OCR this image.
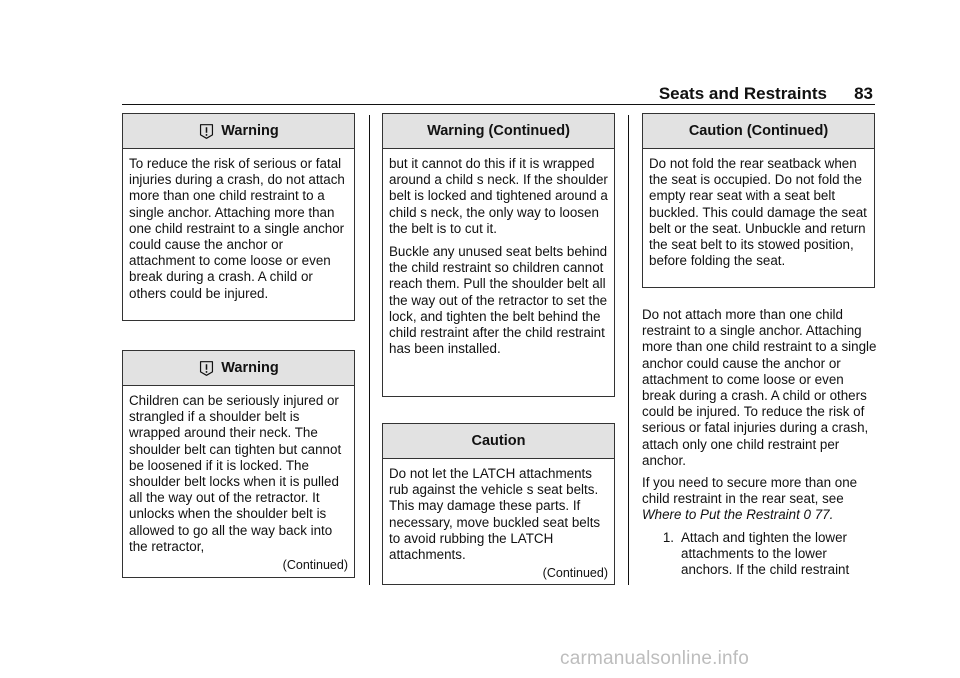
Seats and Restraints 83
Warning

To reduce the risk of serious or fatal injuries during a crash, do not attach more than one child restraint to a single anchor. Attaching more than one child restraint to a single anchor could cause the anchor or attachment to come loose or even break during a crash. A child or others could be injured.

Warning

Children can be seriously injured or strangled if a shoulder belt is wrapped around their neck. The shoulder belt can tighten but cannot be loosened if it is locked. The shoulder belt locks when it is pulled all the way out of the retractor. It unlocks when the shoulder belt is allowed to go all the way back into the retractor,

(Continued)
Warning (Continued)

but it cannot do this if it is wrapped around a child s neck. If the shoulder belt is locked and tightened around a child s neck, the only way to loosen the belt is to cut it.

Buckle any unused seat belts behind the child restraint so children cannot reach them. Pull the shoulder belt all the way out of the retractor to set the lock, and tighten the belt behind the child restraint after the child restraint has been installed.

Caution

Do not let the LATCH attachments rub against the vehicle s seat belts. This may damage these parts. If necessary, move buckled seat belts to avoid rubbing the LATCH attachments.

(Continued)
Caution (Continued)

Do not fold the rear seatback when the seat is occupied. Do not fold the empty rear seat with a seat belt buckled. This could damage the seat belt or the seat. Unbuckle and return the seat belt to its stowed position, before folding the seat.

Do not attach more than one child restraint to a single anchor. Attaching more than one child restraint to a single anchor could cause the anchor or attachment to come loose or even break during a crash. A child or others could be injured. To reduce the risk of serious or fatal injuries during a crash, attach only one child restraint per anchor.

If you need to secure more than one child restraint in the rear seat, see Where to Put the Restraint 0 77.

1. Attach and tighten the lower attachments to the lower anchors. If the child restraint
carmanualsonline.info
